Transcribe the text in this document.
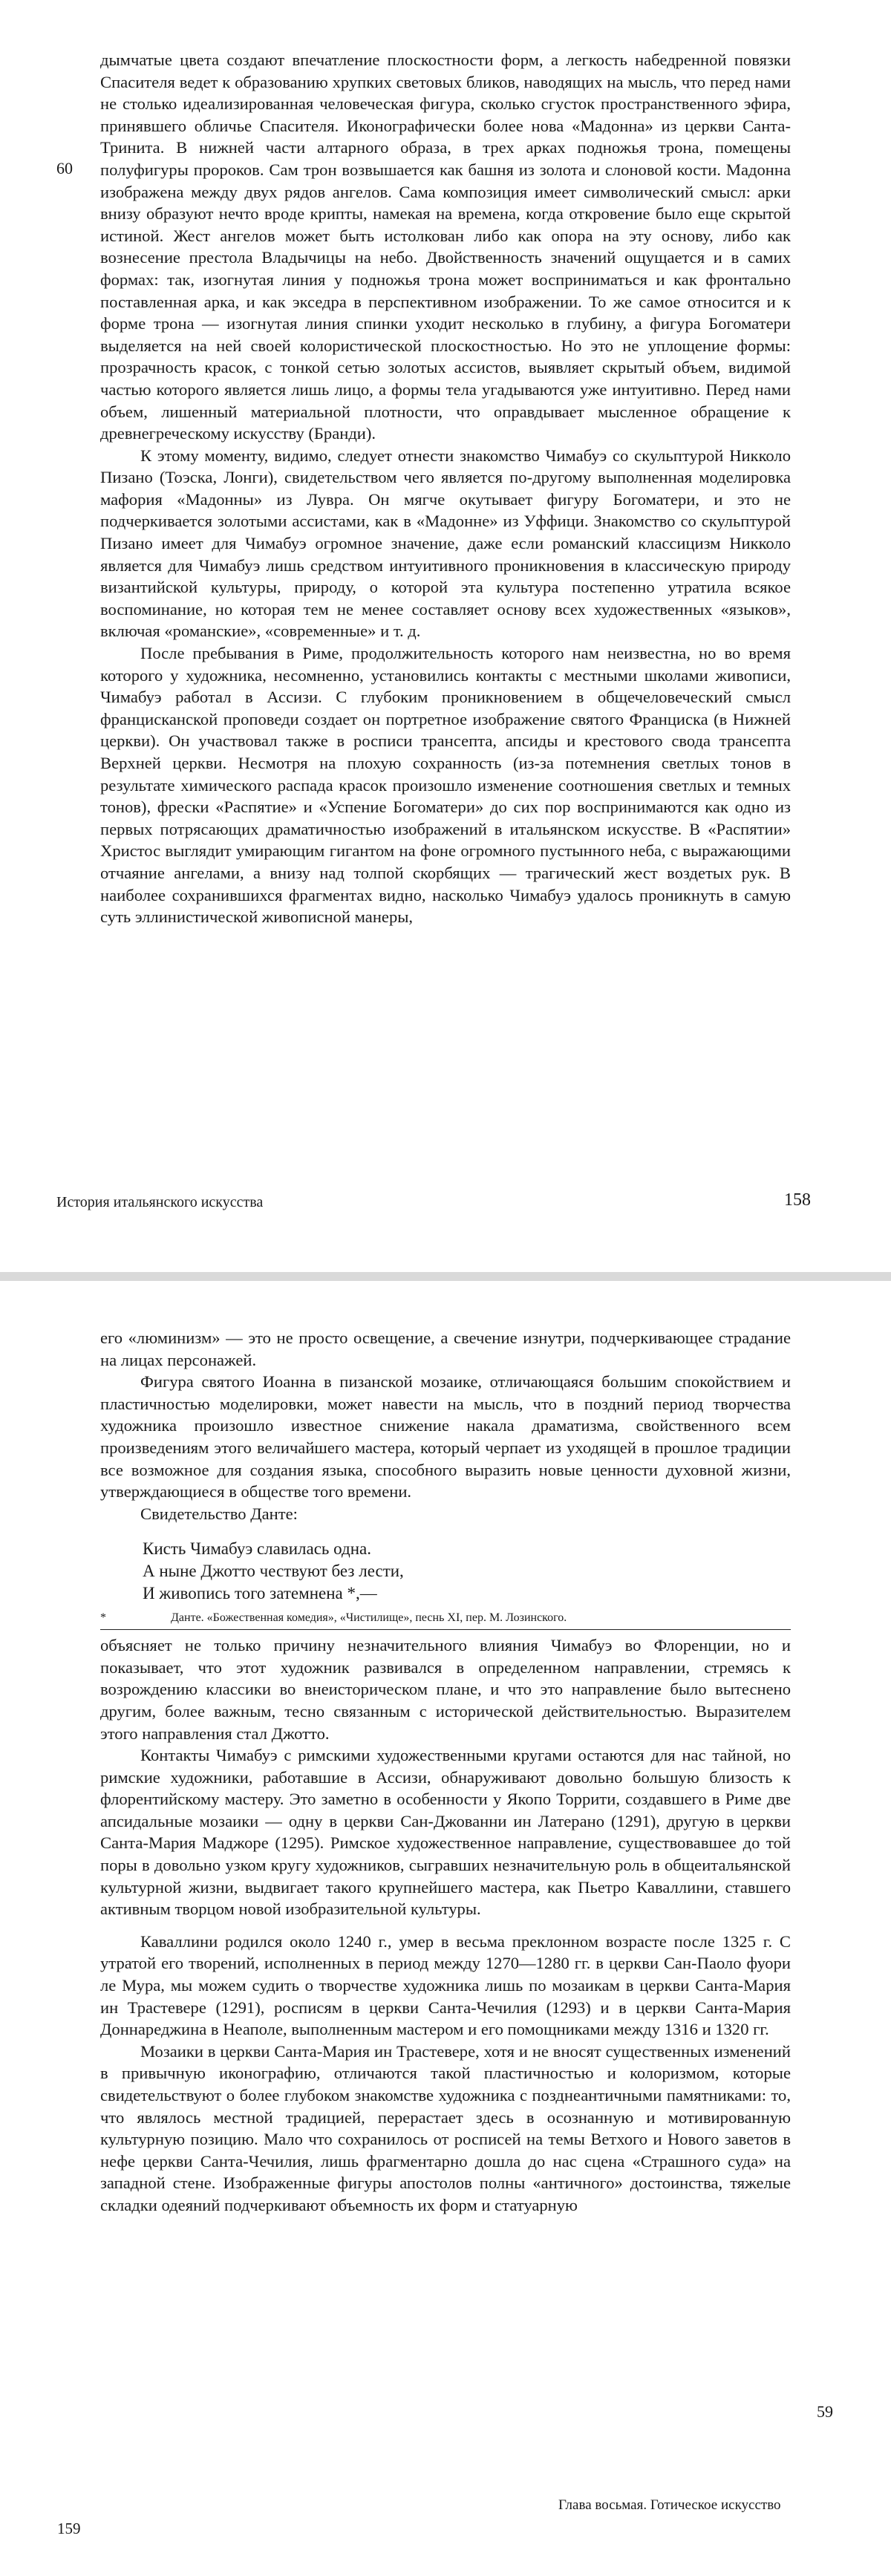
дымчатые цвета создают впечатление плоскостности форм, а легкость набедренной повязки Спасителя ведет к образованию хрупких световых бликов, наводящих на мысль, что перед нами не столько идеализированная человеческая фигура, сколько сгусток пространственного эфира, принявшего обличье Спасителя. Иконографически более нова «Мадонна» из церкви Санта-Тринита. В нижней части алтарного образа, в трех арках подножья трона, помещены полуфигуры пророков. Сам трон возвышается как башня из золота и слоновой кости. Мадонна изображена между двух рядов ангелов. Сама композиция имеет символический смысл: арки внизу образуют нечто вроде крипты, намекая на времена, когда откровение было еще скрытой истиной. Жест ангелов может быть истолкован либо как опора на эту основу, либо как вознесение престола Владычицы на небо. Двойственность значений ощущается и в самих формах: так, изогнутая линия у подножья трона может восприниматься и как фронтально поставленная арка, и как экседра в перспективном изображении. То же самое относится и к форме трона — изогнутая линия спинки уходит несколько в глубину, а фигура Богоматери выделяется на ней своей колористической плоскостностью. Но это не уплощение формы: прозрачность красок, с тонкой сетью золотых ассистов, выявляет скрытый объем, видимой частью которого является лишь лицо, а формы тела угадываются уже интуитивно. Перед нами объем, лишенный материальной плотности, что оправдывает мысленное обращение к древнегреческому искусству (Бранди).

К этому моменту, видимо, следует отнести знакомство Чимабуэ со скульптурой Никколо Пизано (Тоэска, Лонги), свидетельством чего является по-другому выполненная моделировка мафория «Мадонны» из Лувра. Он мягче окутывает фигуру Богоматери, и это не подчеркивается золотыми ассистами, как в «Мадонне» из Уффици. Знакомство со скульптурой Пизано имеет для Чимабуэ огромное значение, даже если романский классицизм Никколо является для Чимабуэ лишь средством интуитивного проникновения в классическую природу византийской культуры, природу, о которой эта культура постепенно утратила всякое воспоминание, но которая тем не менее составляет основу всех художественных «языков», включая «романские», «современные» и т. д.

После пребывания в Риме, продолжительность которого нам неизвестна, но во время которого у художника, несомненно, установились контакты с местными школами живописи, Чимабуэ работал в Ассизи. С глубоким проникновением в общечеловеческий смысл францисканской проповеди создает он портретное изображение святого Франциска (в Нижней церкви). Он участвовал также в росписи трансепта, апсиды и крестового свода трансепта Верхней церкви. Несмотря на плохую сохранность (из-за потемнения светлых тонов в результате химического распада красок произошло изменение соотношения светлых и темных тонов), фрески «Распятие» и «Успение Богоматери» до сих пор воспринимаются как одно из первых потрясающих драматичностью изображений в итальянском искусстве. В «Распятии» Христос выглядит умирающим гигантом на фоне огромного пустынного неба, с выражающими отчаяние ангелами, а внизу над толпой скорбящих — трагический жест воздетых рук. В наиболее сохранившихся фрагментах видно, насколько Чимабуэ удалось проникнуть в самую суть эллинистической живописной манеры,

60
История итальянского искусства	158

его «люминизм» — это не просто освещение, а свечение изнутри, подчеркивающее страдание на лицах персонажей.

Фигура святого Иоанна в пизанской мозаике, отличающаяся большим спокойствием и пластичностью моделировки, может навести на мысль, что в поздний период творчества художника произошло известное снижение накала драматизма, свойственного всем произведениям этого величайшего мастера, который черпает из уходящей в прошлое традиции все возможное для создания языка, способного выразить новые ценности духовной жизни, утверждающиеся в обществе того времени.

Свидетельство Данте:

Кисть Чимабуэ славилась одна.
А ныне Джотто чествуют без лести,
И живопись того затемнена *,—
*	Данте. «Божественная комедия», «Чистилище», песнь XI, пер. М. Лозинского.

объясняет не только причину незначительного влияния Чимабуэ во Флоренции, но и показывает, что этот художник развивался в определенном направлении, стремясь к возрождению классики во внеисторическом плане, и что это направление было вытеснено другим, более важным, тесно связанным с исторической действительностью. Выразителем этого направления стал Джотто.

Контакты Чимабуэ с римскими художественными кругами остаются для нас тайной, но римские художники, работавшие в Ассизи, обнаруживают довольно большую близость к флорентийскому мастеру. Это заметно в особенности у Якопо Торрити, создавшего в Риме две апсидальные мозаики — одну в церкви Сан-Джованни ин Латерано (1291), другую в церкви Санта-Мария Маджоре (1295). Римское художественное направление, существовавшее до той поры в довольно узком кругу художников, сыгравших незначительную роль в общеитальянской культурной жизни, выдвигает такого крупнейшего мастера, как Пьетро Каваллини, ставшего активным творцом новой изобразительной культуры.

Каваллини родился около 1240 г., умер в весьма преклонном возрасте после 1325 г. С утратой его творений, исполненных в период между 1270—1280 гг. в церкви Сан-Паоло фуори ле Мура, мы можем судить о творчестве художника лишь по мозаикам в церкви Санта-Мария ин Трастевере (1291), росписям в церкви Санта-Чечилия (1293) и в церкви Санта-Мария Доннареджина в Неаполе, выполненным мастером и его помощниками между 1316 и 1320 гг.

Мозаики в церкви Санта-Мария ин Трастевере, хотя и не вносят существенных изменений в привычную иконографию, отличаются такой пластичностью и колоризмом, которые свидетельствуют о более глубоком знакомстве художника с позднеантичными памятниками: то, что являлось местной традицией, перерастает здесь в осознанную и мотивированную культурную позицию. Мало что сохранилось от росписей на темы Ветхого и Нового заветов в нефе церкви Санта-Чечилия, лишь фрагментарно дошла до нас сцена «Страшного суда» на западной стене. Изображенные фигуры апостолов полны «античного» достоинства, тяжелые складки одеяний подчеркивают объемность их форм и статуарную

59
159
Глава восьмая. Готическое искусство
